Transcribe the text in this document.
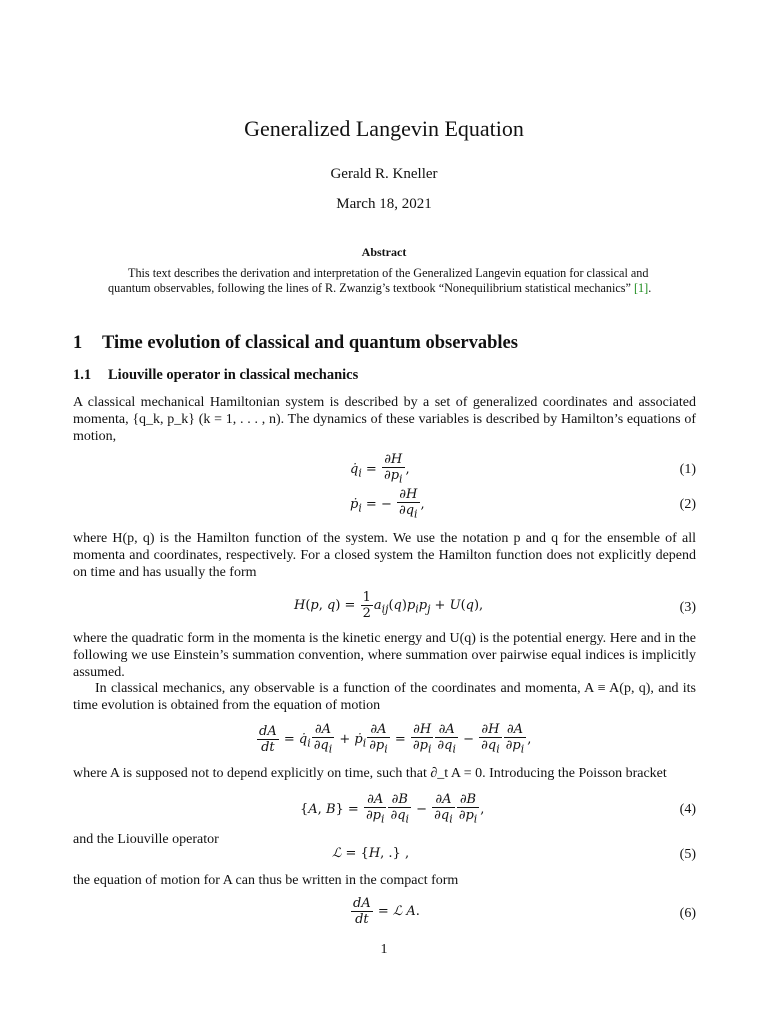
Generalized Langevin Equation
Gerald R. Kneller
March 18, 2021
Abstract
This text describes the derivation and interpretation of the Generalized Langevin equation for classical and quantum observables, following the lines of R. Zwanzig’s textbook “Nonequilibrium statistical mechanics” [1].
1 Time evolution of classical and quantum observables
1.1 Liouville operator in classical mechanics
A classical mechanical Hamiltonian system is described by a set of generalized coordinates and associated momenta, {q_k, p_k} (k = 1, . . . , n). The dynamics of these variables is described by Hamilton’s equations of motion,
$q̇_i = \frac{\partial H}{\partial p_i}$ ,	(1)
ṗ$_i$ = − $\frac{\partial H}{\partial q_i}$ ,	(2)
where H(p, q) is the Hamilton function of the system. We use the notation p and q for the ensemble of all momenta and coordinates, respectively. For a closed system the Hamilton function does not explicitly depend on time and has usually the form
H(p, $q) = \frac{1}{2} a_{ij}(q)p_ip_j + U(q)$,	(3)
where the quadratic form in the momenta is the kinetic energy and U(q) is the potential energy. Here and in the following we use Einstein’s summation convention, where summation over pairwise equal indices is implicitly assumed.
In classical mechanics, any observable is a function of the coordinates and momenta, A ≡ A(p, q), and its time evolution is obtained from the equation of motion
$\frac{dA}{dt}$ = $q̇_i \frac{\partial A}{\partial q_i}$ + ṗ$_i$ $\frac{\partial A}{\partial p_i} = \frac{\partial H}{\partial p_i} \frac{\partial A}{\partial q_i} - \frac{\partial H}{\partial q_i} \frac{\partial A}{\partial p_i}$ ,
where A is supposed not to depend explicitly on time, such that ∂_t A = 0. Introducing the Poisson bracket
{A, $B\} = \frac{\partial A}{\partial p_i} \frac{\partial B}{\partial q_i} - \frac{\partial A}{\partial q_i} \frac{\partial B}{\partial p_i}$ ,	(4)
and the Liouville operator
ℒ = {H, .} ,	(5)
the equation of motion for A can thus be written in the compact form
$\frac{dA}{dt}$ = ℒ A.	(6)
1
